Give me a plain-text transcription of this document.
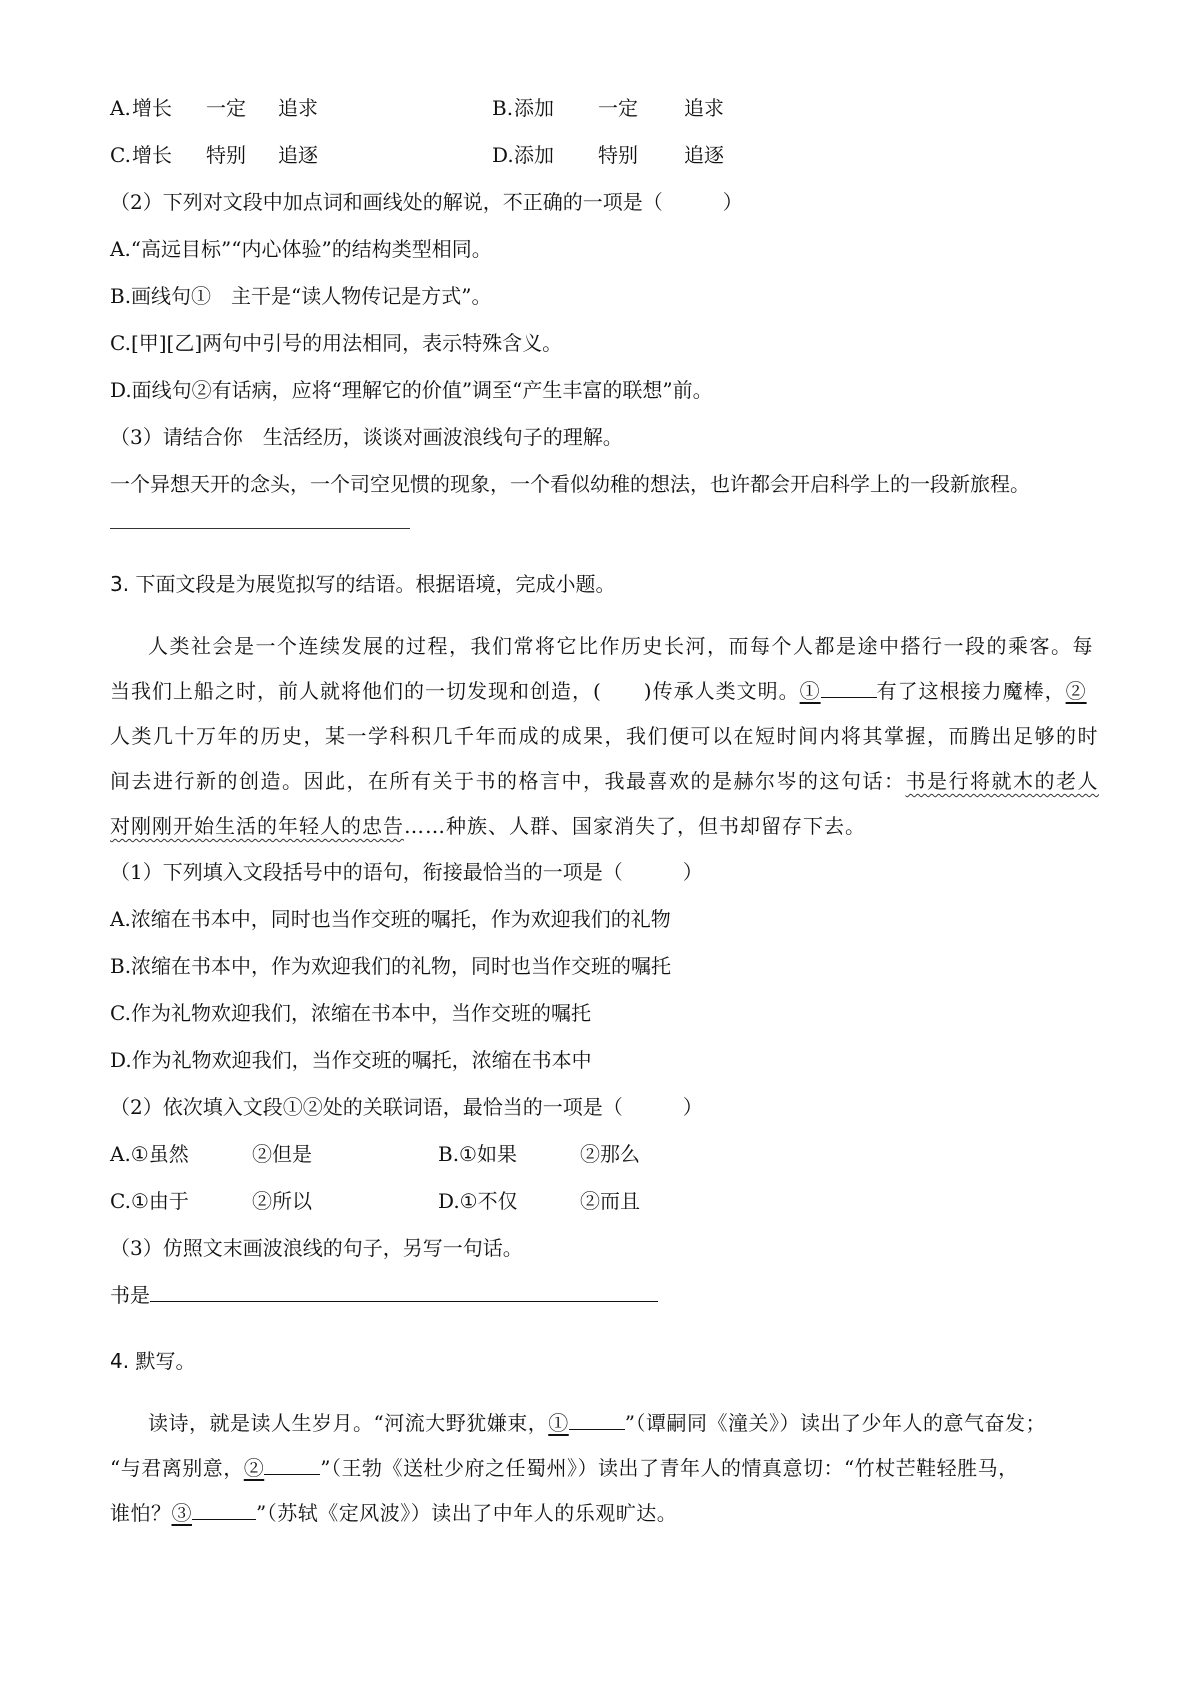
A. 增长 一定 追求	B. 添加 一定 追求
C. 增长 特别 追逐	D. 添加 特别 追逐
（2）下列对文段中加点词和画线处的解说，不正确的一项是（　　　）
A.“高远目标”“内心体验”的结构类型相同。
B.画线句①　主干是“读人物传记是方式”。
C.[甲][乙]两句中引号的用法相同，表示特殊含义。
D.面线句②有话病，应将“理解它的价值”调至“产生丰富的联想”前。
（3）请结合你　生活经历，谈谈对画波浪线句子的理解。
一个异想天开的念头，一个司空见惯的现象，一个看似幼稚的想法，也许都会开启科学上的一段新旅程。
3. 下面文段是为展览拟写的结语。根据语境，完成小题。
人类社会是一个连续发展的过程，我们常将它比作历史长河，而每个人都是途中搭行一段的乘客。每
当我们上船之时，前人就将他们的一切发现和创造，(　　)传承人类文明。①	有了这根接力魔棒，②
人类几十万年的历史，某一学科积几千年而成的成果，我们便可以在短时间内将其掌握，而腾出足够的时
间去进行新的创造。因此，在所有关于书的格言中，我最喜欢的是赫尔岑的这句话：书是行将就木的老人
对刚刚开始生活的年轻人的忠告……种族、人群、国家消失了，但书却留存下去。
（1）下列填入文段括号中的语句，衔接最恰当的一项是（　　　）
A.浓缩在书本中，同时也当作交班的嘱托，作为欢迎我们的礼物
B.浓缩在书本中，作为欢迎我们的礼物，同时也当作交班的嘱托
C.作为礼物欢迎我们，浓缩在书本中，当作交班的嘱托
D.作为礼物欢迎我们，当作交班的嘱托，浓缩在书本中
（2）依次填入文段①②处的关联词语，最恰当的一项是（　　　）
A.①虽然	②但是	B.①如果	②那么
C.①由于	②所以	D.①不仅	②而且
（3）仿照文末画波浪线的句子，另写一句话。
书是
4. 默写。
读诗，就是读人生岁月。“河流大野犹嫌束，①	”（谭嗣同《潼关》）读出了少年人的意气奋发；
“与君离别意，②	”（王勃《送杜少府之任蜀州》）读出了青年人的情真意切：“竹杖芒鞋轻胜马，
谁怕？③	”（苏轼《定风波》）读出了中年人的乐观旷达。
